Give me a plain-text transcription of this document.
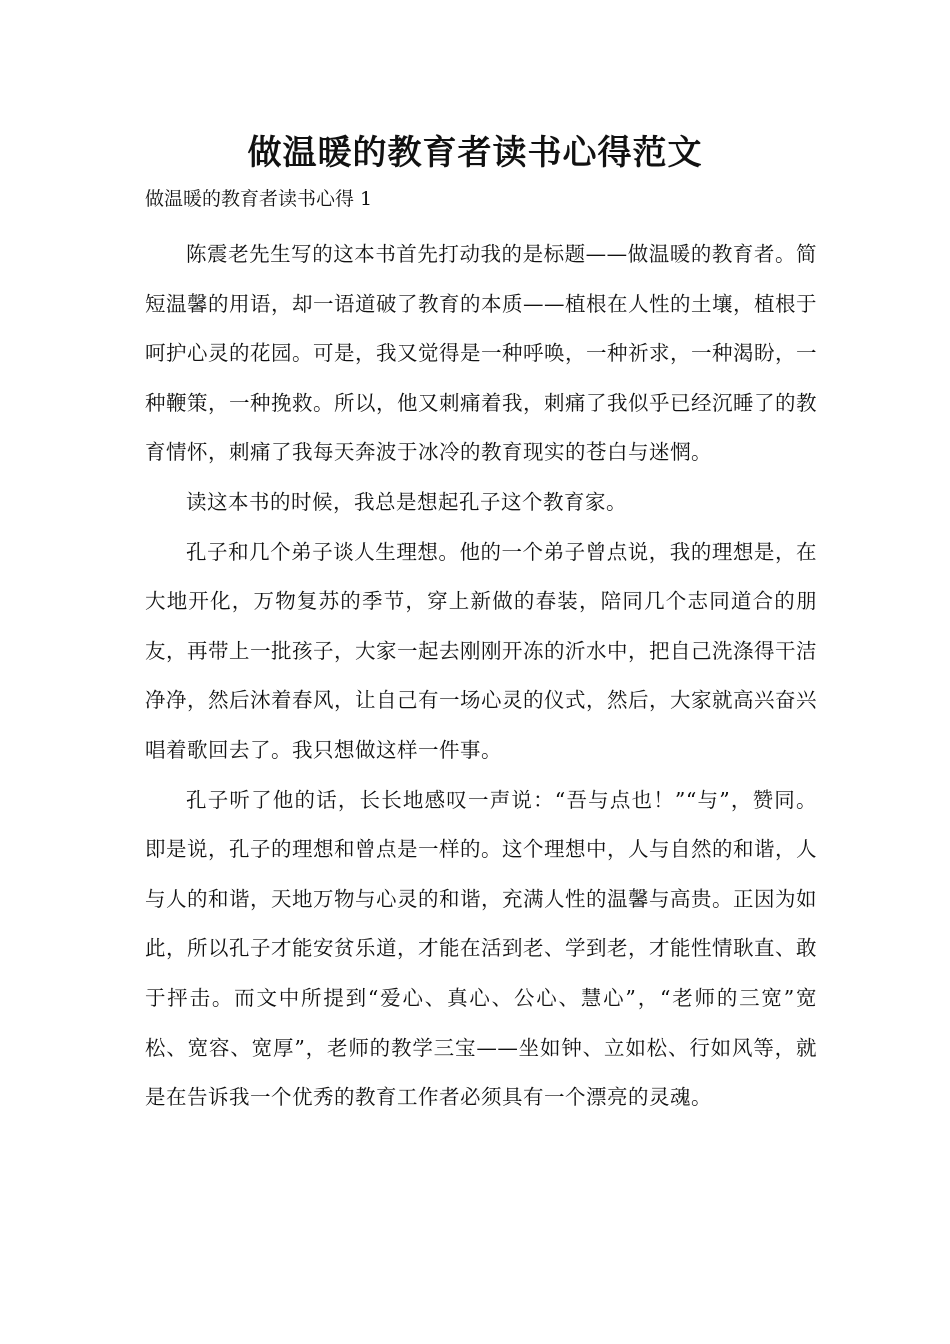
做温暖的教育者读书心得范文

做温暖的教育者读书心得 1

陈震老先生写的这本书首先打动我的是标题——做温暖的教育者。简短温馨的用语，却一语道破了教育的本质——植根在人性的土壤，植根于呵护心灵的花园。可是，我又觉得是一种呼唤，一种祈求，一种渴盼，一种鞭策，一种挽救。所以，他又刺痛着我，刺痛了我似乎已经沉睡了的教育情怀，刺痛了我每天奔波于冰冷的教育现实的苍白与迷惘。

读这本书的时候，我总是想起孔子这个教育家。

孔子和几个弟子谈人生理想。他的一个弟子曾点说，我的理想是，在大地开化，万物复苏的季节，穿上新做的春装，陪同几个志同道合的朋友，再带上一批孩子，大家一起去刚刚开冻的沂水中，把自己洗涤得干洁净净，然后沐着春风，让自己有一场心灵的仪式，然后，大家就高兴奋兴唱着歌回去了。我只想做这样一件事。

孔子听了他的话，长长地感叹一声说：“吾与点也！”“与”，赞同。即是说，孔子的理想和曾点是一样的。这个理想中，人与自然的和谐，人与人的和谐，天地万物与心灵的和谐，充满人性的温馨与高贵。正因为如此，所以孔子才能安贫乐道，才能在活到老、学到老，才能性情耿直、敢于抨击。而文中所提到“爱心、真心、公心、慧心”，“老师的三宽”宽松、宽容、宽厚”，老师的教学三宝——坐如钟、立如松、行如风等，就是在告诉我一个优秀的教育工作者必须具有一个漂亮的灵魂。
